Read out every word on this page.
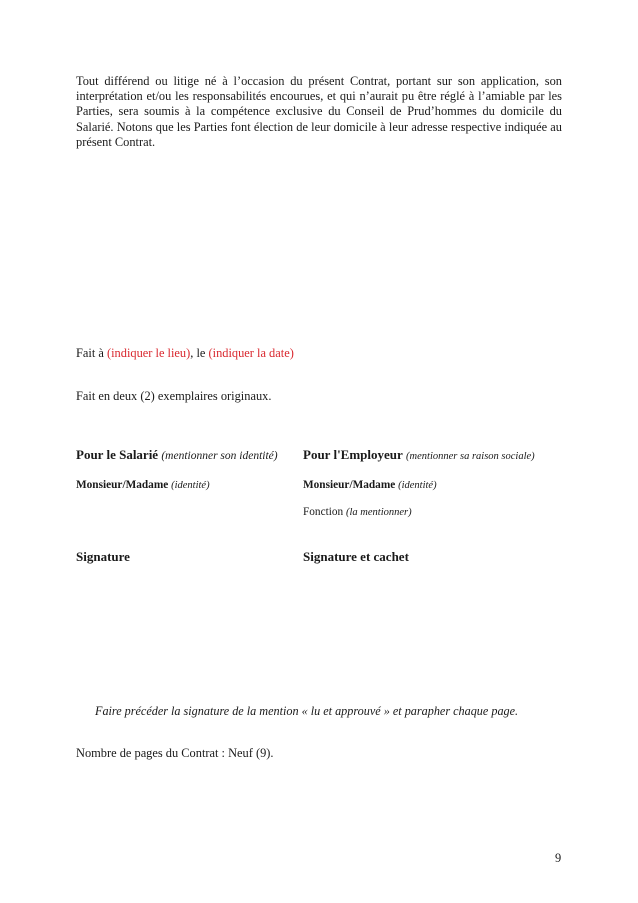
Tout différend ou litige né à l’occasion du présent Contrat, portant sur son application, son interprétation et/ou les responsabilités encourues, et qui n’aurait pu être réglé à l’amiable par les Parties, sera soumis à la compétence exclusive du Conseil de Prud’hommes du domicile du Salarié. Notons que les Parties font élection de leur domicile à leur adresse respective indiquée au présent Contrat.

Fait à (indiquer le lieu), le (indiquer la date)
Fait en deux (2) exemplaires originaux.
Pour le Salarié (mentionner son identité)
Monsieur/Madame (identité)
Signature
Pour l'Employeur (mentionner sa raison sociale)
Monsieur/Madame (identité)
Fonction (la mentionner)
Signature et cachet
Faire précéder la signature de la mention « lu et approuvé » et parapher chaque page.
Nombre de pages du Contrat : Neuf (9).
9
